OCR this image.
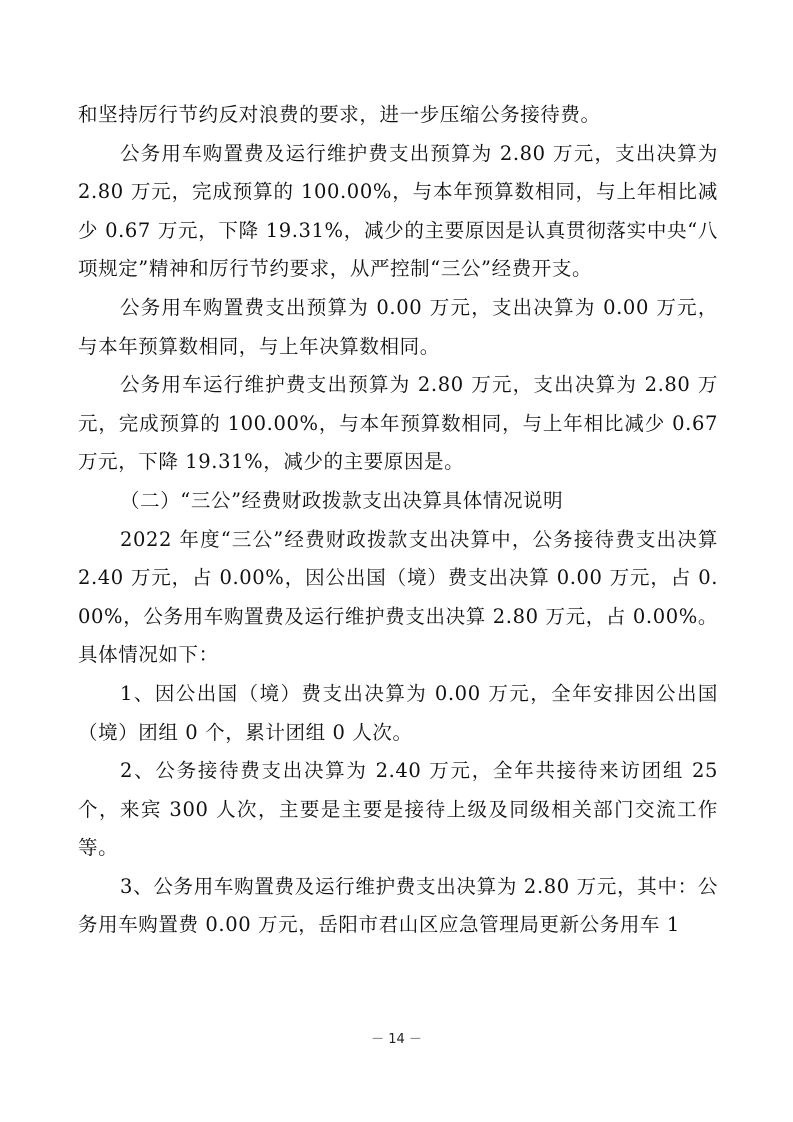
和坚持厉行节约反对浪费的要求，进一步压缩公务接待费。

公务用车购置费及运行维护费支出预算为 2.80 万元，支出决算为 2.80 万元，完成预算的 100.00%，与本年预算数相同，与上年相比减少 0.67 万元，下降 19.31%，减少的主要原因是认真贯彻落实中央“八项规定”精神和厉行节约要求，从严控制“三公”经费开支。

公务用车购置费支出预算为 0.00 万元，支出决算为 0.00 万元，与本年预算数相同，与上年决算数相同。

公务用车运行维护费支出预算为 2.80 万元，支出决算为 2.80 万元，完成预算的 100.00%，与本年预算数相同，与上年相比减少 0.67 万元，下降 19.31%，减少的主要原因是。

（二）“三公”经费财政拨款支出决算具体情况说明

2022 年度“三公”经费财政拨款支出决算中，公务接待费支出决算 2.40 万元，占 0.00%，因公出国（境）费支出决算 0.00 万元，占 0.00%，公务用车购置费及运行维护费支出决算 2.80 万元，占 0.00%。具体情况如下：

1、因公出国（境）费支出决算为 0.00 万元，全年安排因公出国（境）团组 0 个，累计团组 0 人次。

2、公务接待费支出决算为 2.40 万元，全年共接待来访团组 25 个，来宾 300 人次，主要是主要是接待上级及同级相关部门交流工作等。

3、公务用车购置费及运行维护费支出决算为 2.80 万元，其中：公务用车购置费 0.00 万元，岳阳市君山区应急管理局更新公务用车 1

－ 14 －
